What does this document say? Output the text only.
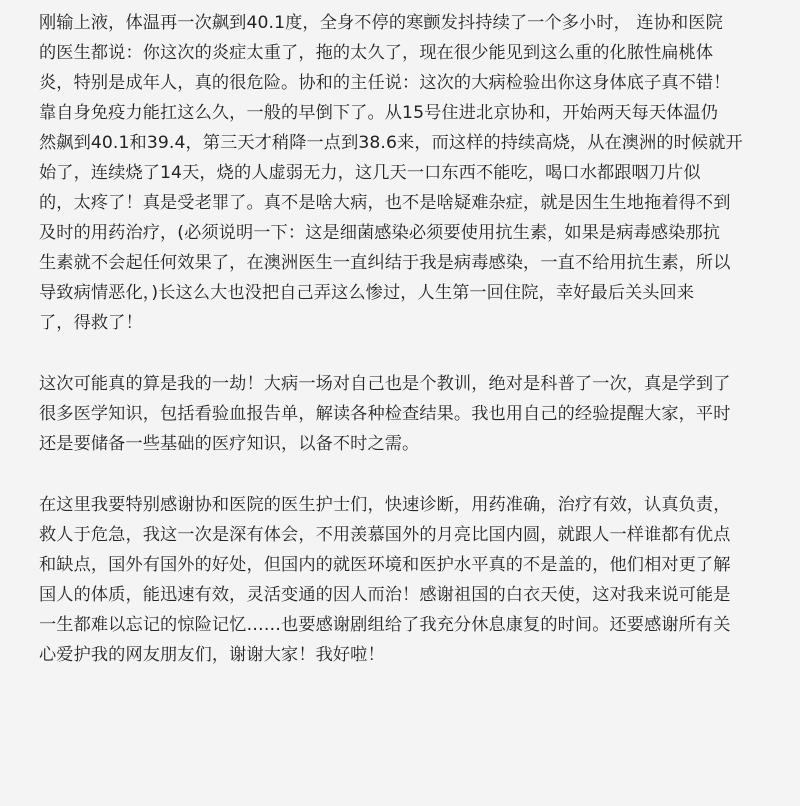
刚输上液，体温再一次飙到40.1度，全身不停的寒颤发抖持续了一个多小时， 连协和医院
的医生都说：你这次的炎症太重了，拖的太久了，现在很少能见到这么重的化脓性扁桃体
炎，特别是成年人，真的很危险。协和的主任说：这次的大病检验出你这身体底子真不错！
靠自身免疫力能扛这么久，一般的早倒下了。从15号住进北京协和，开始两天每天体温仍
然飙到40.1和39.4，第三天才稍降一点到38.6来，而这样的持续高烧，从在澳洲的时候就开
始了，连续烧了14天，烧的人虚弱无力，这几天一口东西不能吃，喝口水都跟咽刀片似
的，太疼了！真是受老罪了。真不是啥大病，也不是啥疑难杂症，就是因生生地拖着得不到
及时的用药治疗，(必须说明一下：这是细菌感染必须要使用抗生素，如果是病毒感染那抗
生素就不会起任何效果了，在澳洲医生一直纠结于我是病毒感染，一直不给用抗生素，所以
导致病情恶化，)长这么大也没把自己弄这么惨过，人生第一回住院，幸好最后关头回来
了，得救了！
这次可能真的算是我的一劫！大病一场对自己也是个教训，绝对是科普了一次，真是学到了
很多医学知识，包括看验血报告单，解读各种检查结果。我也用自己的经验提醒大家，平时
还是要储备一些基础的医疗知识，以备不时之需。
在这里我要特别感谢协和医院的医生护士们，快速诊断，用药准确，治疗有效，认真负责，
救人于危急，我这一次是深有体会，不用羡慕国外的月亮比国内圆，就跟人一样谁都有优点
和缺点，国外有国外的好处，但国内的就医环境和医护水平真的不是盖的，他们相对更了解
国人的体质，能迅速有效，灵活变通的因人而治！感谢祖国的白衣天使，这对我来说可能是
一生都难以忘记的惊险记忆……也要感谢剧组给了我充分休息康复的时间。还要感谢所有关
心爱护我的网友朋友们，谢谢大家！我好啦！
